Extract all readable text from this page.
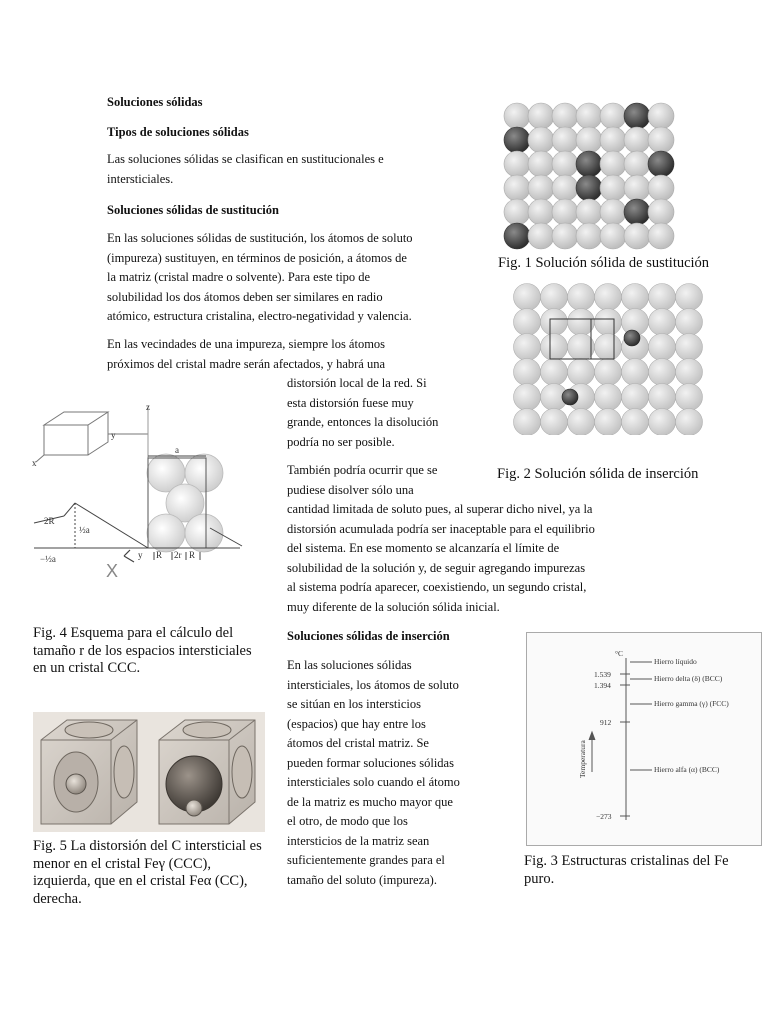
Soluciones sólidas
Tipos de soluciones sólidas
Las soluciones sólidas se clasifican en sustitucionales e
intersticiales.
Soluciones sólidas de sustitución
En las soluciones sólidas de sustitución, los átomos de soluto
(impureza) sustituyen, en términos de posición, a átomos de
la matriz (cristal madre o solvente). Para este tipo de
solubilidad los dos átomos deben ser similares en radio
atómico, estructura cristalina, electro-negatividad y valencia.
En las vecindades de una impureza, siempre los átomos
próximos del cristal madre serán afectados, y habrá una
distorsión local de la red. Si
esta distorsión fuese muy
grande, entonces la disolución
podría no ser posible.
También podría ocurrir que se
pudiese disolver sólo una
cantidad limitada de soluto pues, al superar dicho nivel, ya la
distorsión acumulada podría ser inaceptable para el equilibrio
del sistema. En ese momento se alcanzaría el límite de
solubilidad de la solución y, de seguir agregando impurezas
al sistema podría aparecer, coexistiendo, un segundo cristal,
muy diferente de la solución sólida inicial.
Soluciones sólidas de inserción
En las soluciones sólidas
intersticiales, los átomos de soluto
se sitúan en los intersticios
(espacios) que hay entre los
átomos del cristal matriz. Se
pueden formar soluciones sólidas
intersticiales solo cuando el átomo
de la matriz es mucho mayor que
el otro, de modo que los
intersticios de la matriz sean
suficientemente grandes para el
tamaño del soluto (impureza).
Fig. 1 Solución sólida de sustitución
Fig. 2 Solución sólida de inserción
z
y
x
a
2R
½a
−½a	R 2r R
y
X
Fig. 4 Esquema para el cálculo del
tamaño r de los espacios intersticiales
en un cristal CCC.
Fig. 5 La distorsión del C intersticial es
menor en el cristal Feγ (CCC),
izquierda, que en el cristal Feα (CC),
derecha.
°C
1.539
1.394
912
−273
Hierro líquido
Hierro delta (δ) (BCC)
Hierro gamma (γ) (FCC)
Hierro alfa (α) (BCC)
Temperatura
Fig. 3 Estructuras cristalinas del Fe
puro.
